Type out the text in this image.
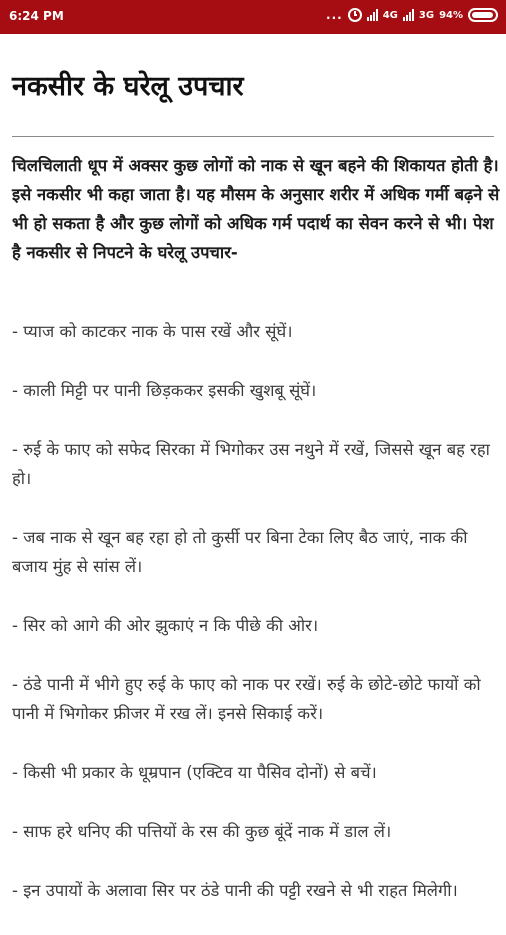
6:24 PM	...	4G 3G 94%
नकसीर के घरेलू उपचार

चिलचिलाती धूप में अक्सर कुछ लोगों को नाक से खून बहने की शिकायत होती है। इसे नकसीर भी कहा जाता है। यह मौसम के अनुसार शरीर में अधिक गर्मी बढ़ने से भी हो सकता है और कुछ लोगों को अधिक गर्म पदार्थ का सेवन करने से भी। पेश है नकसीर से निपटने के घरेलू उपचार-

- प्याज को काटकर नाक के पास रखें और सूंघें।

- काली मिट्टी पर पानी छिड़ककर इसकी खुशबू सूंघें।

- रुई के फाए को सफेद सिरका में भिगोकर उस नथुने में रखें, जिससे खून बह रहा हो।

- जब नाक से खून बह रहा हो तो कुर्सी पर बिना टेका लिए बैठ जाएं, नाक की बजाय मुंह से सांस लें।

- सिर को आगे की ओर झुकाएं न कि पीछे की ओर।

- ठंडे पानी में भीगे हुए रुई के फाए को नाक पर रखें। रुई के छोटे-छोटे फायों को पानी में भिगोकर फ्रीजर में रख लें। इनसे सिकाई करें।

- किसी भी प्रकार के धूम्रपान (एक्टिव या पैसिव दोनों) से बचें।

- साफ हरे धनिए की पत्तियों के रस की कुछ बूंदें नाक में डाल लें।

- इन उपायों के अलावा सिर पर ठंडे पानी की पट्टी रखने से भी राहत मिलेगी।
